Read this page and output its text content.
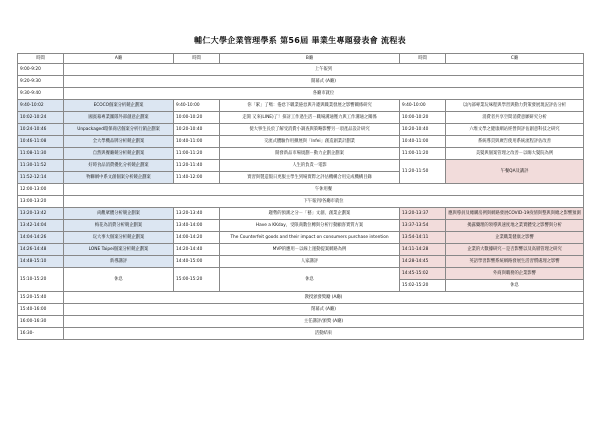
輔仁大學企業管理學系 第56屆 畢業生專題發表會 流程表
時間	A廳	時間	B廳	時間	C廳
9:00-9:20	上午報到				
9:20-9:30	開幕式 (A廳)				
9:30-9:40	各廳市就位				
9:40-10:02	ECOCO個案分析競企劃案	9:40-10:00	你「累」了嗎：倦怠下職業倦怠與升遷與職業發展之影響關係研究	9:40-10:00	以內部專業玩味程與學習與動力對策發展現況評估分析
10:02-10:24	國賓幕專業團隊外部創意企劃案	10:00-10:20	走開 又來(LINE)了！探討工作過生活－職場溝通壓力與工作溝通之關係	10:00-10:20	消費者共享空間消費意願研究分析
10:24-10:46	Unpackaged環保商店個案分析行銷企劃案	10:20-10:40	使大事生長於了解受消費小調查與策略影響另一項產品設計研究	10:20-10:40	六堆文學之健康網站經營與評估創意科技之研究
10:46-11:08	全大學機品牌分析競企劃案	10:40-11:00	交流式體驗作用擴展與「Infei」創造創業計劃業	10:40-11:00	系統導頁與廣告使用系統流程評估改善
11:08-11:30	自然與餐廳競分析競企劃案	11:00-11:20	開發新品市場規劃－動力企劃企劃案	11:00-11:20	美髮與個案管理之改善－以嗨大髮院為例
11:30-11:52	好時食品消費優化分析競企劃案	11:20-11:40	人生的負責一電影	11:20-11:50	午餐QA及講評
11:52-12:14	物聯網中系文創個案分析競企劃案	11:40-12:00	實習與製造假日更服主學生到場實際之評估機構合用完成機構目錄		
12:00-13:00	午休用餐				
13:00-13:20	下午報到/各廳市就位				
13:20-13:42	尚觀眾體分析競企劃案	13:20-13:40	趨勢的預測之分－「藝」文創，創業企劃案	13:20-13:37	應與導員及總購房例與網路發展COVID-19疫情與整與與總之影響預測
13:42-14:04	梅花為消費分析競企劃案	13:40-14:00	Have a KKday，受限商數位轉與分析行動顧客實質方案	13:37-13:54	揭露藥理的領導與速度地之業實體受之影響與分析
14:04-14:26	玩大事大個案分析競企劃案	14:00-14:20	The Counterfeit goods and their impact on consumers purchase intention	13:54-14:11	企業職業健康之影響
14:26-14:48	LONE Taipei個案分析競企劃案	14:20-14:40	MVP的應用－以線上運動提案網路為例	14:11-14:28	企業的大數據研究－是否影響以及高層管理之研究
14:48-15:10	新導講評	14:40-15:00	人家講評	14:28-14:45	英語學習影響系統網路發展生活習慣處理之影響
15:10-15:20	休息	15:00-15:20	休息	14:45-15:02	外商與職務的企業影響
				15:02-15:20	休息
15:20-15:40	教授頒發獎勵 (A廳)				
15:40-16:00	閉幕式 (A廳)				
16:00-16:30	主任講評/頒獎 (A廳)				
16:30-	活動結束				
